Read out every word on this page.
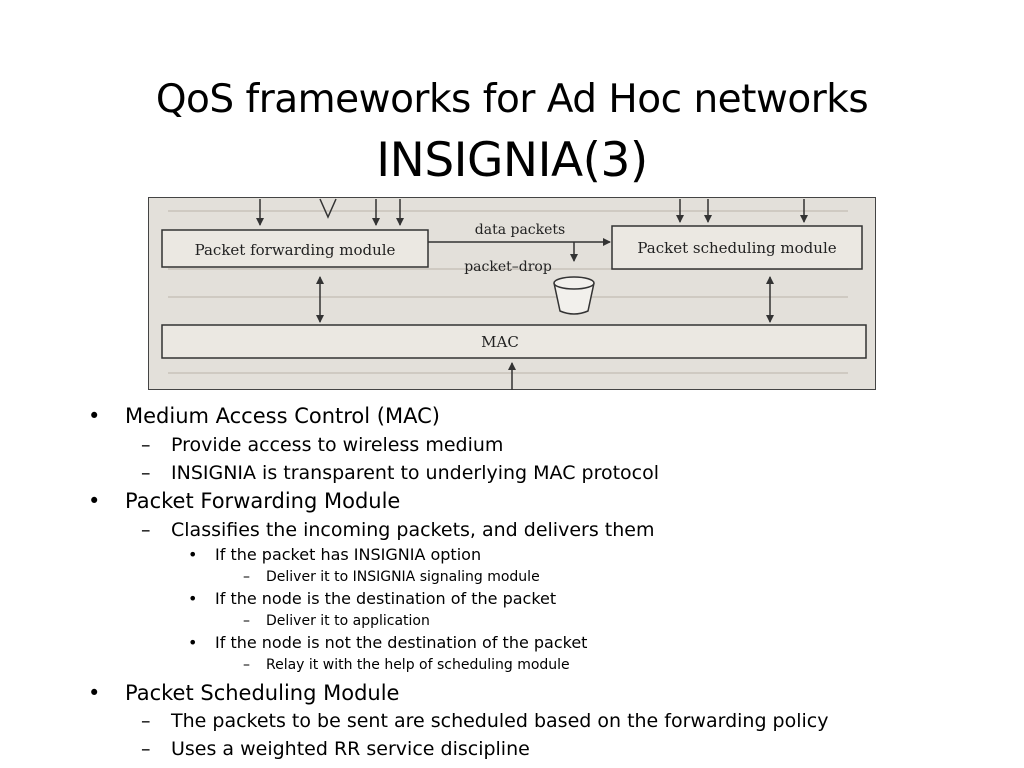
QoS frameworks for Ad Hoc networks
INSIGNIA(3)
Packet forwarding module	Packet scheduling module
data packets
packet–drop
MAC
• Medium Access Control (MAC)
– Provide access to wireless medium
– INSIGNIA is transparent to underlying MAC protocol
• Packet Forwarding Module
– Classifies the incoming packets, and delivers them
• If the packet has INSIGNIA option
– Deliver it to INSIGNIA signaling module
• If the node is the destination of the packet
– Deliver it to application
• If the node is not the destination of the packet
– Relay it with the help of scheduling module
• Packet Scheduling Module
– The packets to be sent are scheduled based on the forwarding policy
– Uses a weighted RR service discipline
